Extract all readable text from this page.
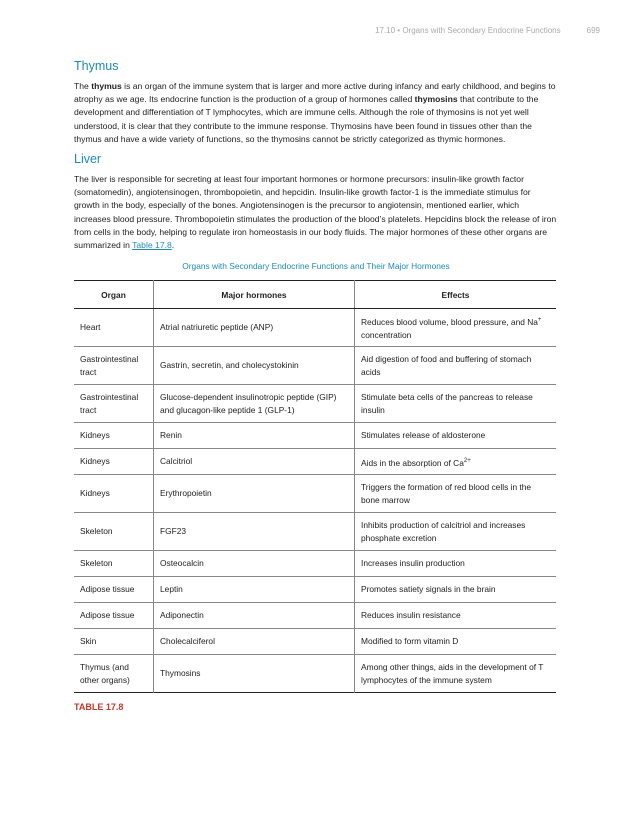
17.10 • Organs with Secondary Endocrine Functions	699
Thymus

The thymus is an organ of the immune system that is larger and more active during infancy and early childhood, and begins to atrophy as we age. Its endocrine function is the production of a group of hormones called thymosins that contribute to the development and differentiation of T lymphocytes, which are immune cells. Although the role of thymosins is not yet well understood, it is clear that they contribute to the immune response. Thymosins have been found in tissues other than the thymus and have a wide variety of functions, so the thymosins cannot be strictly categorized as thymic hormones.

Liver

The liver is responsible for secreting at least four important hormones or hormone precursors: insulin-like growth factor (somatomedin), angiotensinogen, thrombopoietin, and hepcidin. Insulin-like growth factor-1 is the immediate stimulus for growth in the body, especially of the bones. Angiotensinogen is the precursor to angiotensin, mentioned earlier, which increases blood pressure. Thrombopoietin stimulates the production of the blood’s platelets. Hepcidins block the release of iron from cells in the body, helping to regulate iron homeostasis in our body fluids. The major hormones of these other organs are summarized in Table 17.8.

Organs with Secondary Endocrine Functions and Their Major Hormones
Organ	Major hormones	Effects
Heart	Atrial natriuretic peptide (ANP)	Reduces blood volume, blood pressure, and Na+ concentration
Gastrointestinal tract	Gastrin, secretin, and cholecystokinin	Aid digestion of food and buffering of stomach acids
Gastrointestinal tract	Glucose-dependent insulinotropic peptide (GIP) and glucagon-like peptide 1 (GLP-1)	Stimulate beta cells of the pancreas to release insulin
Kidneys	Renin	Stimulates release of aldosterone
Kidneys	Calcitriol	Aids in the absorption of $Ca^{2+}$
Kidneys	Erythropoietin	Triggers the formation of red blood cells in the bone marrow
Skeleton	FGF23	Inhibits production of calcitriol and increases phosphate excretion
Skeleton	Osteocalcin	Increases insulin production
Adipose tissue	Leptin	Promotes satiety signals in the brain
Adipose tissue	Adiponectin	Reduces insulin resistance
Skin	Cholecalciferol	Modified to form vitamin D
Thymus (and other organs)	Thymosins	Among other things, aids in the development of T lymphocytes of the immune system
TABLE 17.8
